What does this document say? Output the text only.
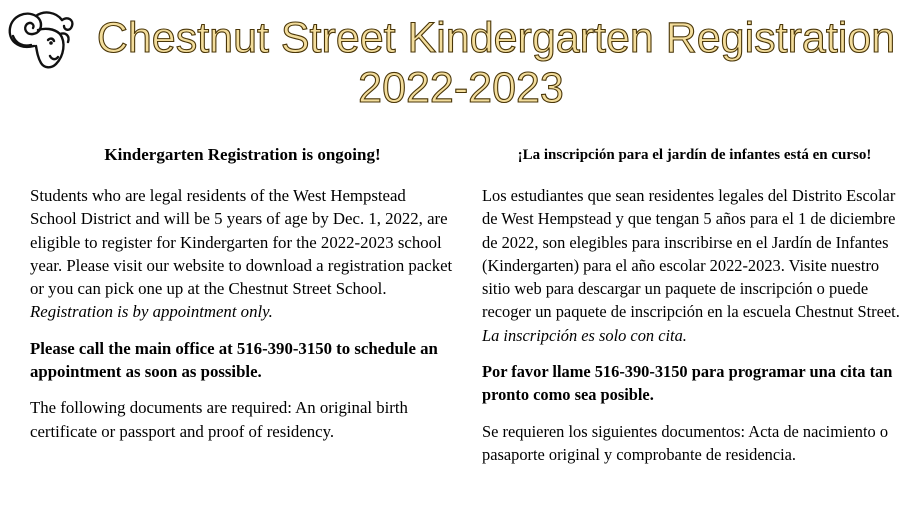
Chestnut Street Kindergarten Registration
2022-2023
Kindergarten Registration is ongoing!

Students who are legal residents of the West Hempstead School District and will be 5 years of age by Dec. 1, 2022, are eligible to register for Kindergarten for the 2022-2023 school year. Please visit our website to download a registration packet or you can pick one up at the Chestnut Street School. Registration is by appointment only.

Please call the main office at 516-390-3150 to schedule an appointment as soon as possible.

The following documents are required: An original birth certificate or passport and proof of residency.

¡La inscripción para el jardín de infantes está en curso!

Los estudiantes que sean residentes legales del Distrito Escolar de West Hempstead y que tengan 5 años para el 1 de diciembre de 2022, son elegibles para inscribirse en el Jardín de Infantes (Kindergarten) para el año escolar 2022-2023. Visite nuestro sitio web para descargar un paquete de inscripción o puede recoger un paquete de inscripción en la escuela Chestnut Street. La inscripción es solo con cita.

Por favor llame 516-390-3150 para programar una cita tan pronto como sea posible.

Se requieren los siguientes documentos: Acta de nacimiento o pasaporte original y comprobante de residencia.
